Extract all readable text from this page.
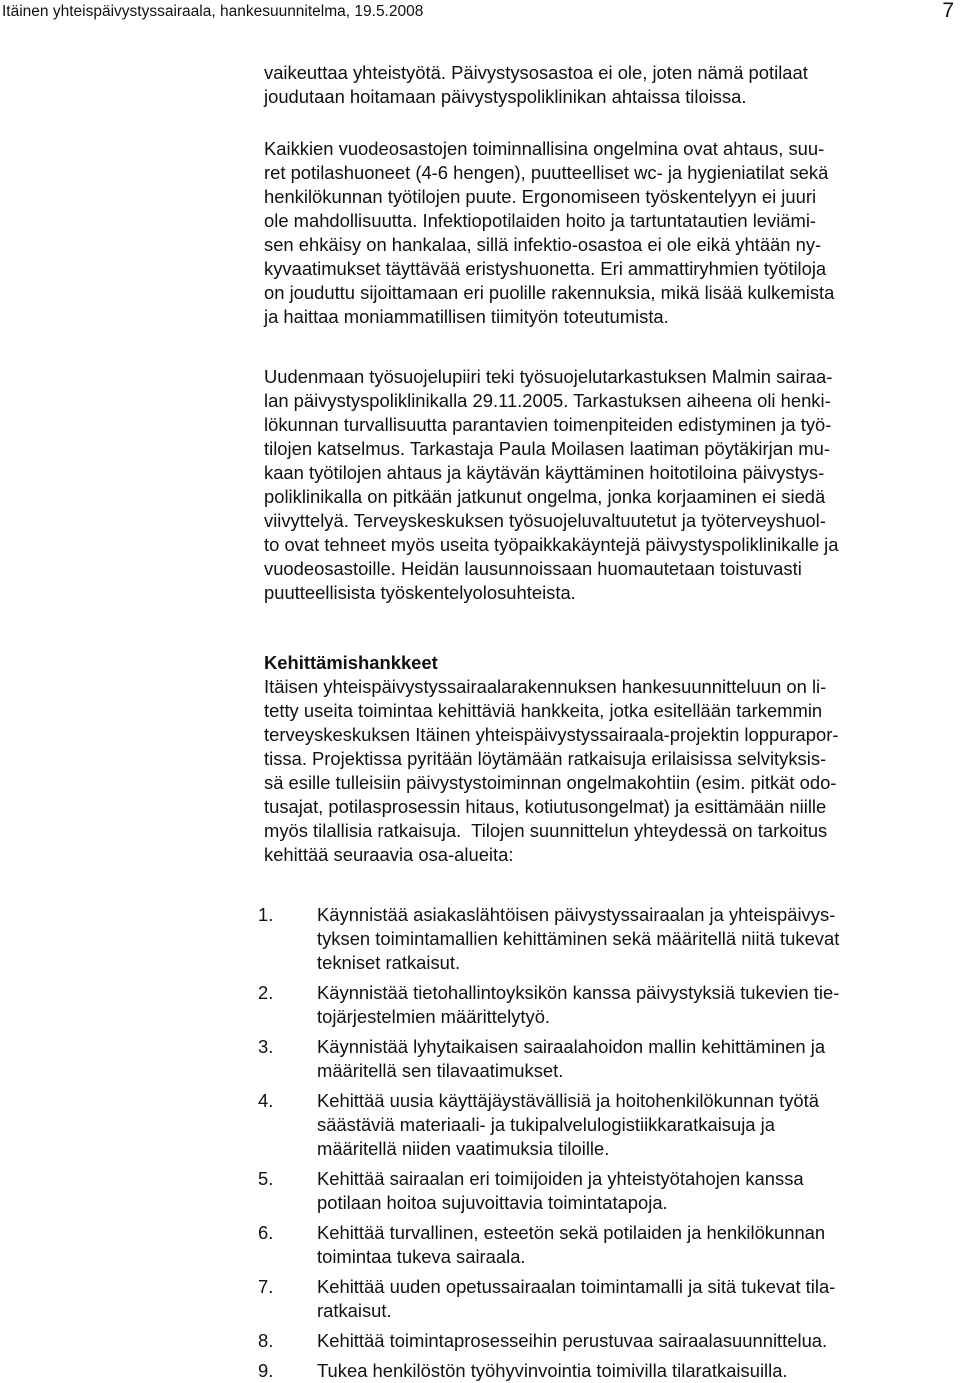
Itäinen yhteispäivystyssairaala, hankesuunnitelma, 19.5.2008	7

vaikeuttaa yhteistyötä. Päivystysosastoa ei ole, joten nämä potilaat
joudutaan hoitamaan päivystyspoliklinikan ahtaissa tiloissa.

Kaikkien vuodeosastojen toiminnallisina ongelmina ovat ahtaus, suu-
ret potilashuoneet (4-6 hengen), puutteelliset wc- ja hygieniatilat sekä
henkilökunnan työtilojen puute. Ergonomiseen työskentelyyn ei juuri
ole mahdollisuutta. Infektiopotilaiden hoito ja tartuntatautien leviämi-
sen ehkäisy on hankalaa, sillä infektio-osastoa ei ole eikä yhtään ny-
kyvaatimukset täyttävää eristyshuonetta. Eri ammattiryhmien työtiloja
on jouduttu sijoittamaan eri puolille rakennuksia, mikä lisää kulkemista
ja haittaa moniammatillisen tiimityön toteutumista.

Uudenmaan työsuojelupiiri teki työsuojelutarkastuksen Malmin sairaa-
lan päivystyspoliklinikalla 29.11.2005. Tarkastuksen aiheena oli henki-
lökunnan turvallisuutta parantavien toimenpiteiden edistyminen ja työ-
tilojen katselmus. Tarkastaja Paula Moilasen laatiman pöytäkirjan mu-
kaan työtilojen ahtaus ja käytävän käyttäminen hoitotiloina päivystys-
poliklinikalla on pitkään jatkunut ongelma, jonka korjaaminen ei siedä
viivyttelyä. Terveyskeskuksen työsuojeluvaltuutetut ja työterveyshuol-
to ovat tehneet myös useita työpaikkakäyntejä päivystyspoliklinikalle ja
vuodeosastoille. Heidän lausunnoissaan huomautetaan toistuvasti
puutteellisista työskentelyolosuhteista.

Kehittämishankkeet

Itäisen yhteispäivystyssairaalarakennuksen hankesuunnitteluun on li-
tetty useita toimintaa kehittäviä hankkeita, jotka esitellään tarkemmin
terveyskeskuksen Itäinen yhteispäivystyssairaala-projektin loppurapor-
tissa. Projektissa pyritään löytämään ratkaisuja erilaisissa selvityksis-
sä esille tulleisiin päivystystoiminnan ongelmakohtiin (esim. pitkät odo-
tusajat, potilasprosessin hitaus, kotiutusongelmat) ja esittämään niille
myös tilallisia ratkaisuja.  Tilojen suunnittelun yhteydessä on tarkoitus
kehittää seuraavia osa-alueita:

1. Käynnistää asiakaslähtöisen päivystyssairaalan ja yhteispäivys-
tyksen toimintamallien kehittäminen sekä määritellä niitä tukevat
tekniset ratkaisut.
2. Käynnistää tietohallintoyksikön kanssa päivystyksiä tukevien tie-
tojärjestelmien määrittelytyö.
3. Käynnistää lyhytaikaisen sairaalahoidon mallin kehittäminen ja
määritellä sen tilavaatimukset.
4. Kehittää uusia käyttäjäystävällisiä ja hoitohenkilökunnan työtä
säästäviä materiaali- ja tukipalvelulogistiikkaratkaisuja ja
määritellä niiden vaatimuksia tiloille.
5. Kehittää sairaalan eri toimijoiden ja yhteistyötahojen kanssa
potilaan hoitoa sujuvoittavia toimintatapoja.
6. Kehittää turvallinen, esteetön sekä potilaiden ja henkilökunnan
toimintaa tukeva sairaala.
7. Kehittää uuden opetussairaalan toimintamalli ja sitä tukevat tila-
ratkaisut.
8. Kehittää toimintaprosesseihin perustuvaa sairaalasuunnittelua.
9. Tukea henkilöstön työhyvinvointia toimivilla tilaratkaisuilla.
